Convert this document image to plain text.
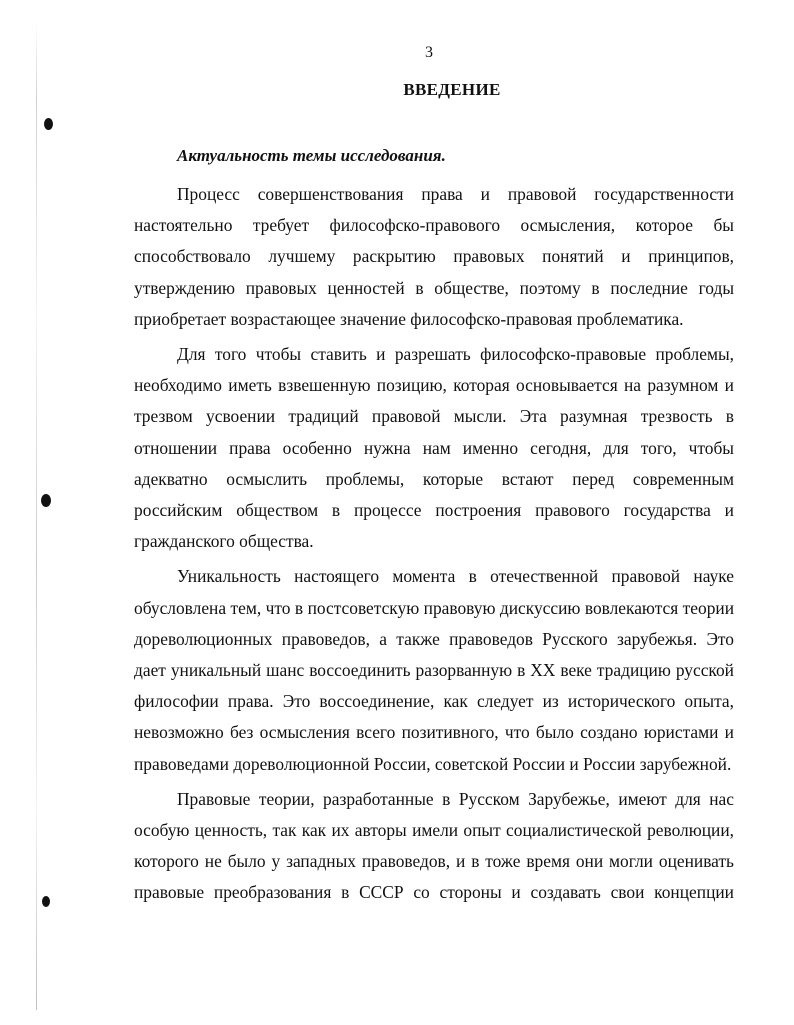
3
ВВЕДЕНИЕ
Актуальность темы исследования.

Процесс совершенствования права и правовой государственности настоятельно требует философско-правового осмысления, которое бы способствовало лучшему раскрытию правовых понятий и принципов, утверждению правовых ценностей в обществе, поэтому в последние годы приобретает возрастающее значение философско-правовая проблематика.

Для того чтобы ставить и разрешать философско-правовые проблемы, необходимо иметь взвешенную позицию, которая основывается на разумном и трезвом усвоении традиций правовой мысли. Эта разумная трезвость в отношении права особенно нужна нам именно сегодня, для того, чтобы адекватно осмыслить проблемы, которые встают перед современным российским обществом в процессе построения правового государства и гражданского общества.

Уникальность настоящего момента в отечественной правовой науке обусловлена тем, что в постсоветскую правовую дискуссию вовлекаются теории дореволюционных правоведов, а также правоведов Русского зарубежья. Это дает уникальный шанс воссоединить разорванную в XX веке традицию русской философии права. Это воссоединение, как следует из исторического опыта, невозможно без осмысления всего позитивного, что было создано юристами и правоведами дореволюционной России, советской России и России зарубежной.

Правовые теории, разработанные в Русском Зарубежье, имеют для нас особую ценность, так как их авторы имели опыт социалистической революции, которого не было у западных правоведов, и в тоже время они могли оценивать правовые преобразования в СССР со стороны и создавать свои концепции
